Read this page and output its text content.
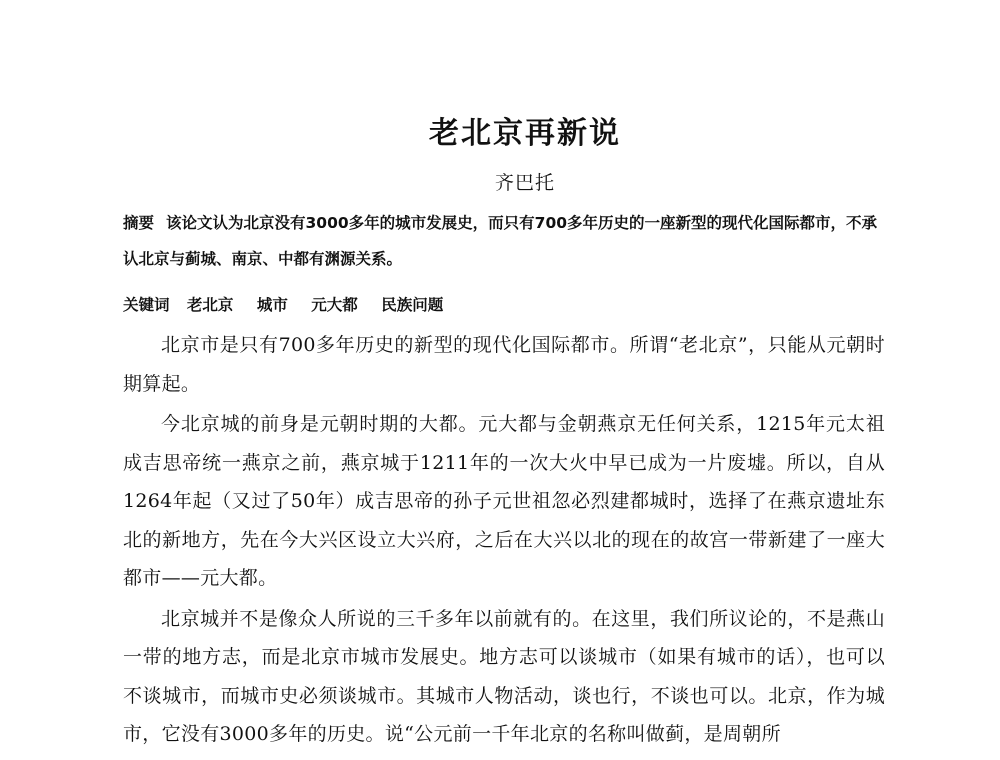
老北京再新说
齐巴托
摘要 该论文认为北京没有3000多年的城市发展史，而只有700多年历史的一座新型的现代化国际都市，不承认北京与蓟城、南京、中都有渊源关系。
关键词 老北京 城市 元大都 民族问题

北京市是只有700多年历史的新型的现代化国际都市。所谓“老北京”，只能从元朝时期算起。

今北京城的前身是元朝时期的大都。元大都与金朝燕京无任何关系，1215年元太祖成吉思帝统一燕京之前，燕京城于1211年的一次大火中早已成为一片废墟。所以，自从1264年起（又过了50年）成吉思帝的孙子元世祖忽必烈建都城时，选择了在燕京遗址东北的新地方，先在今大兴区设立大兴府，之后在大兴以北的现在的故宫一带新建了一座大都市——元大都。

北京城并不是像众人所说的三千多年以前就有的。在这里，我们所议论的，不是燕山一带的地方志，而是北京市城市发展史。地方志可以谈城市（如果有城市的话），也可以不谈城市，而城市史必须谈城市。其城市人物活动，谈也行，不谈也可以。北京，作为城市，它没有3000多年的历史。说“公元前一千年北京的名称叫做蓟，是周朝所
